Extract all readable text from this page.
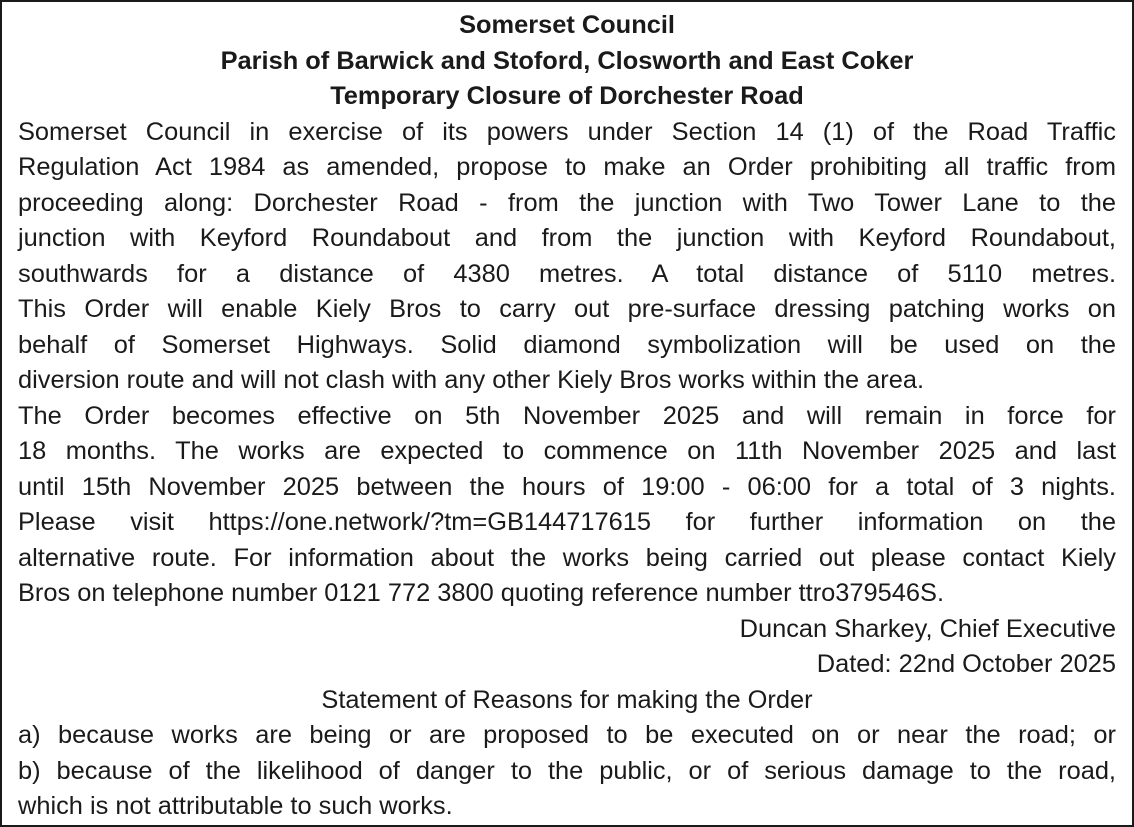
Somerset Council
Parish of Barwick and Stoford, Closworth and East Coker
Temporary Closure of Dorchester Road
Somerset Council in exercise of its powers under Section 14 (1) of the Road Traffic
Regulation Act 1984 as amended, propose to make an Order prohibiting all traffic from
proceeding along: Dorchester Road - from the junction with Two Tower Lane to the
junction with Keyford Roundabout and from the junction with Keyford Roundabout,
southwards for a distance of 4380 metres. A total distance of 5110 metres.
This Order will enable Kiely Bros to carry out pre-surface dressing patching works on
behalf of Somerset Highways. Solid diamond symbolization will be used on the
diversion route and will not clash with any other Kiely Bros works within the area.
The Order becomes effective on 5th November 2025 and will remain in force for
18 months. The works are expected to commence on 11th November 2025 and last
until 15th November 2025 between the hours of 19:00 - 06:00 for a total of 3 nights.
Please visit https://one.network/?tm=GB144717615 for further information on the
alternative route. For information about the works being carried out please contact Kiely
Bros on telephone number 0121 772 3800 quoting reference number ttro379546S.
Duncan Sharkey, Chief Executive
Dated: 22nd October 2025
Statement of Reasons for making the Order
a) because works are being or are proposed to be executed on or near the road; or
b) because of the likelihood of danger to the public, or of serious damage to the road,
which is not attributable to such works.
